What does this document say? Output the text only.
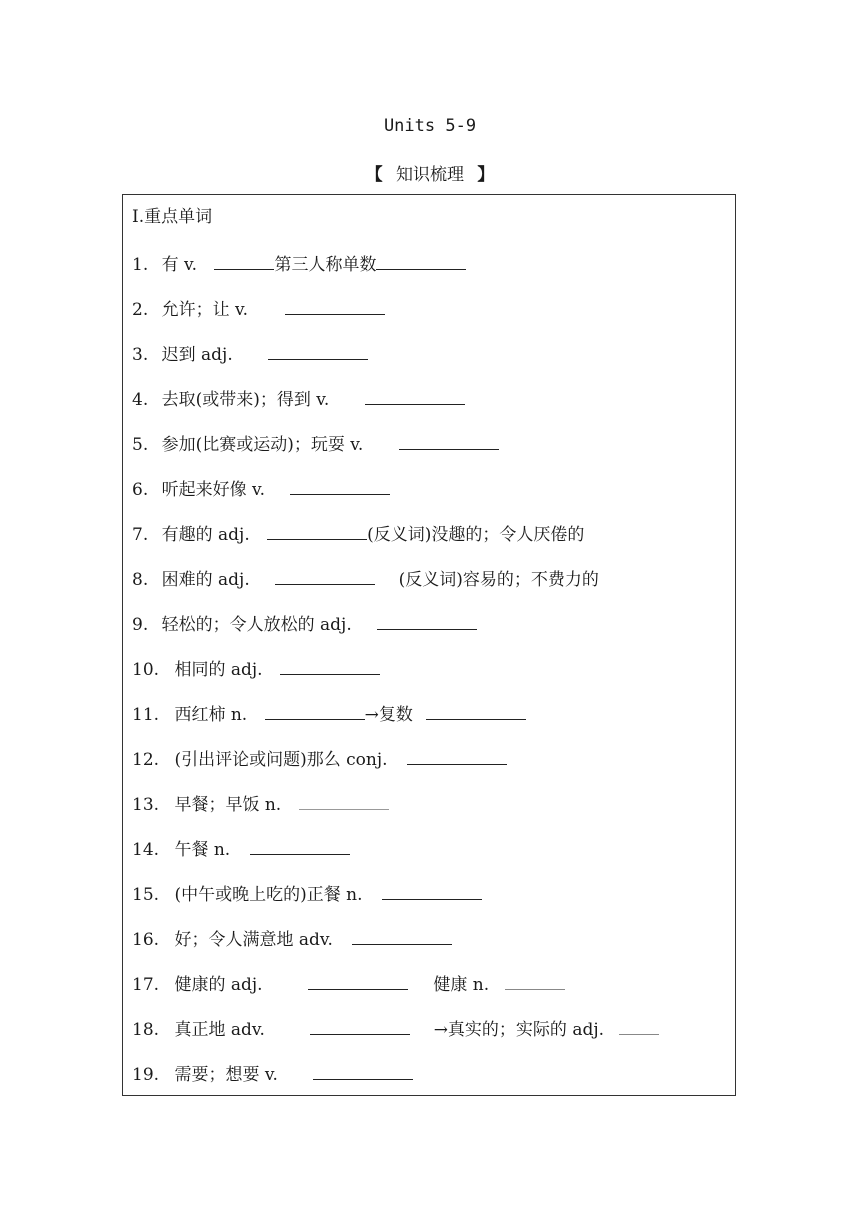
Units 5-9
【 知识梳理 】
I.重点单词
1. 有 v.	第三人称单数
2. 允许；让 v.
3. 迟到 adj.
4. 去取(或带来)；得到 v.
5. 参加(比赛或运动)；玩耍 v.
6. 听起来好像 v.
7. 有趣的 adj.	(反义词)没趣的；令人厌倦的
8. 困难的 adj.	(反义词)容易的；不费力的
9. 轻松的；令人放松的 adj.
10. 相同的 adj.
11. 西红柿 n.	→复数
12. (引出评论或问题)那么 conj.
13. 早餐；早饭 n.
14. 午餐 n.
15. (中午或晚上吃的)正餐 n.
16. 好；令人满意地 adv.
17. 健康的 adj.	健康 n.
18. 真正地 adv.	→真实的；实际的 adj.
19. 需要；想要 v.
